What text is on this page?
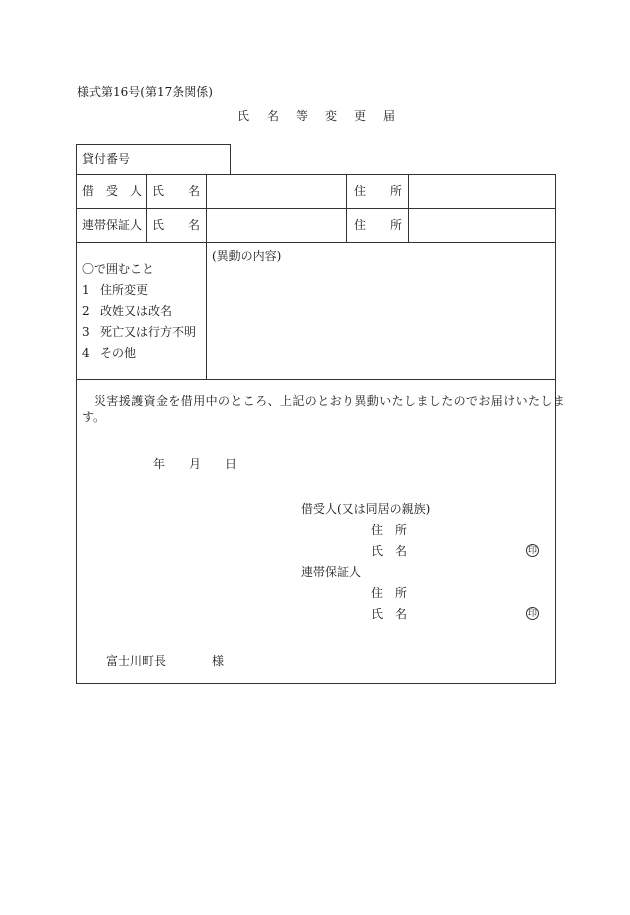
様式第16号(第17条関係)
氏 名 等 変 更 届
貸付番号
借　受　人 氏　　名	住　　所
連帯保証人 氏　　名	住　　所
〇で囲むこと
1 住所変更
2 改姓又は改名
3 死亡又は行方不明
4 その他
(異動の内容)
災害援護資金を借用中のところ、上記のとおり異動いたしましたのでお届けいたしま
す。
年 月 日
借受人(又は同居の親族)
住　所
氏　名	印
連帯保証人
住　所
氏　名	印
富士川町長	様
